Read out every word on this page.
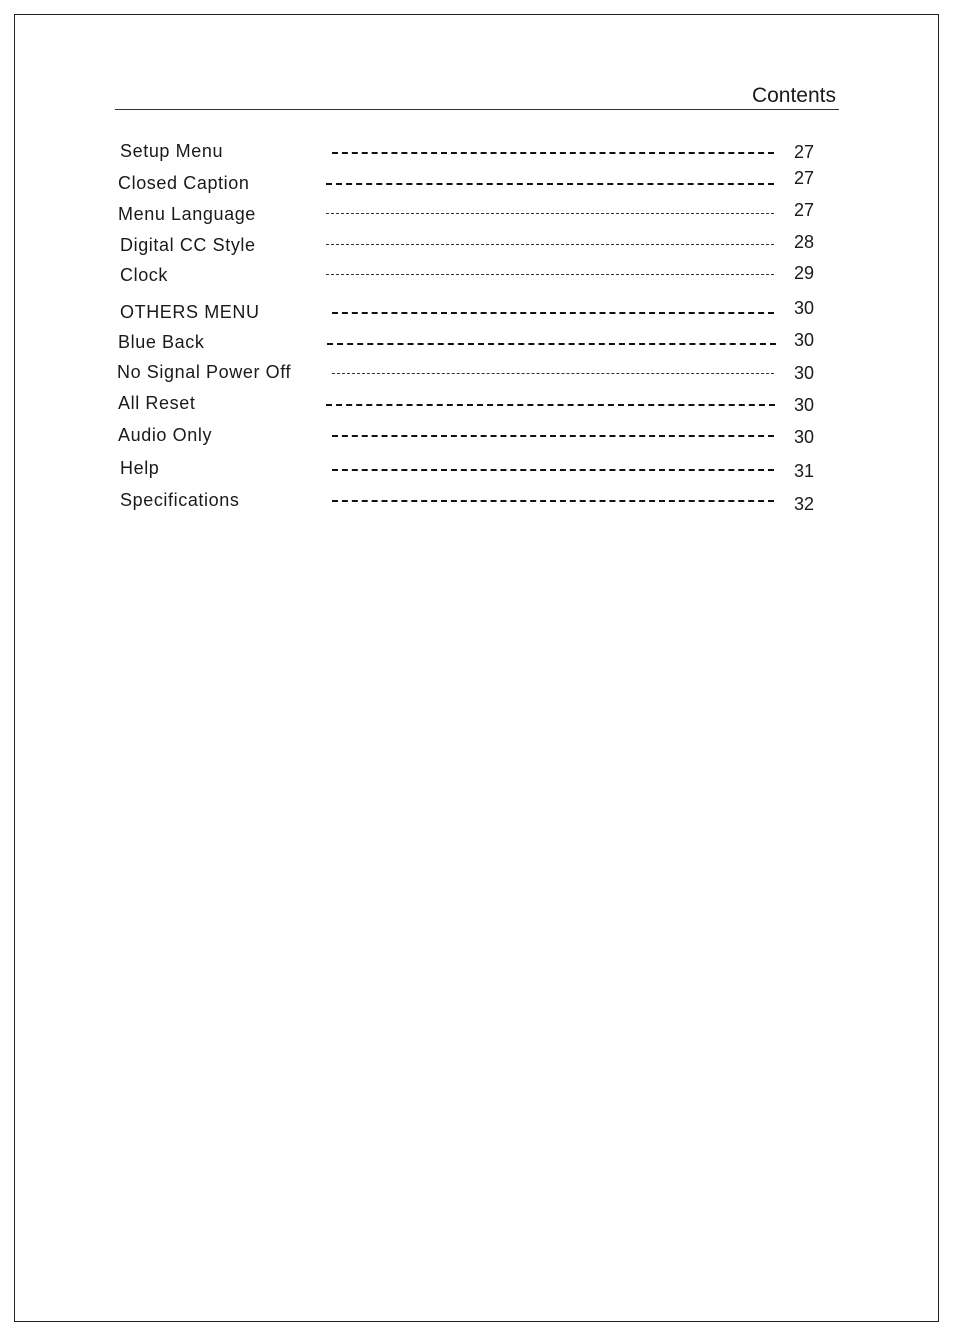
Contents
Setup Menu	27
Closed Caption	27
Menu Language	27
Digital CC Style	28
Clock	29
OTHERS MENU	30
Blue Back	30
No Signal Power Off	30
All Reset	30
Audio Only	30
Help	31
Specifications	32
